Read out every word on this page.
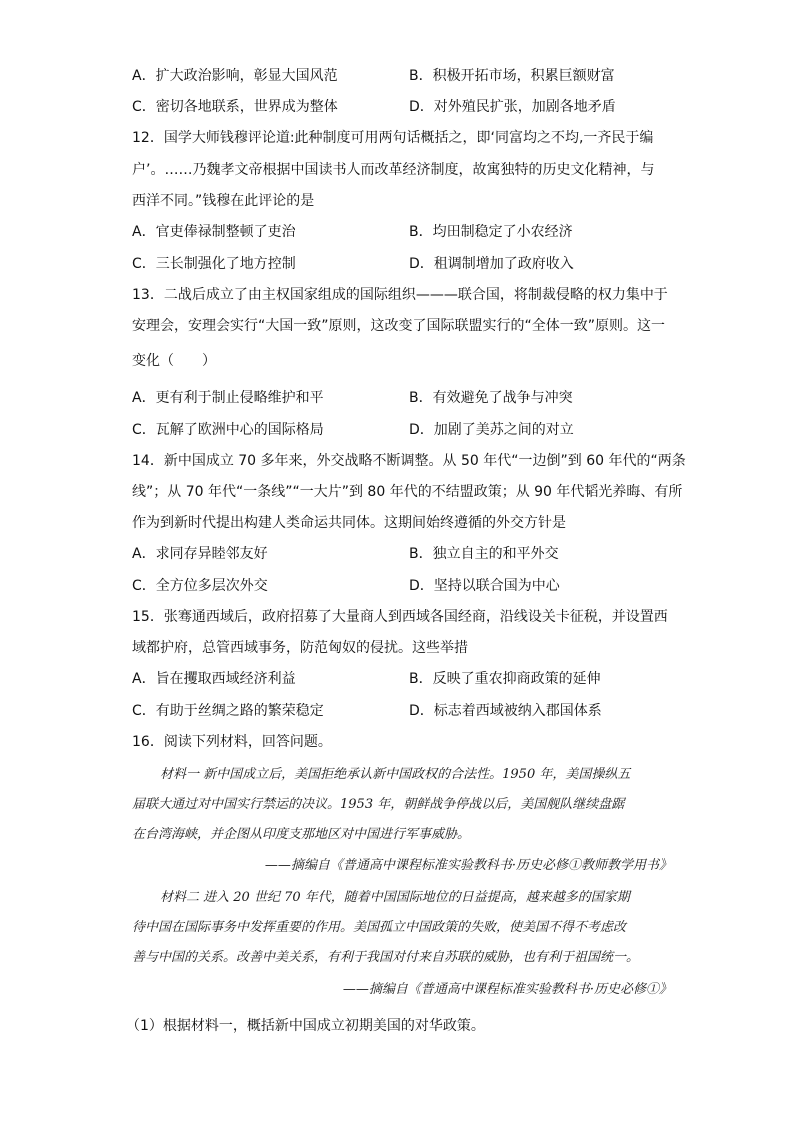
A．扩大政治影响，彰显大国风范	B．积极开拓市场，积累巨额财富
C．密切各地联系，世界成为整体	D．对外殖民扩张，加剧各地矛盾
12．国学大师钱穆评论道:此种制度可用两句话概括之，即‘同富均之不均,一齐民于编
户’。……乃魏孝文帝根据中国读书人而改革经济制度，故寓独特的历史文化精神，与
西洋不同。”钱穆在此评论的是
A．官吏俸禄制整顿了吏治	B．均田制稳定了小农经济
C．三长制强化了地方控制	D．租调制增加了政府收入
13．二战后成立了由主权国家组成的国际组织———联合国，将制裁侵略的权力集中于
安理会，安理会实行“大国一致”原则，这改变了国际联盟实行的“全体一致”原则。这一
变化（　　）
A．更有利于制止侵略维护和平	B．有效避免了战争与冲突
C．瓦解了欧洲中心的国际格局	D．加剧了美苏之间的对立
14．新中国成立 70 多年来，外交战略不断调整。从 50 年代“一边倒”到 60 年代的“两条
线”；从 70 年代“一条线”“一大片”到 80 年代的不结盟政策；从 90 年代韬光养晦、有所
作为到新时代提出构建人类命运共同体。这期间始终遵循的外交方针是
A．求同存异睦邻友好	B．独立自主的和平外交
C．全方位多层次外交	D．坚持以联合国为中心
15．张骞通西域后，政府招募了大量商人到西域各国经商，沿线设关卡征税，并设置西
域都护府，总管西域事务，防范匈奴的侵扰。这些举措
A．旨在攫取西域经济利益	B．反映了重农抑商政策的延伸
C．有助于丝绸之路的繁荣稳定	D．标志着西域被纳入郡国体系
16．阅读下列材料，回答问题。
材料一 新中国成立后，美国拒绝承认新中国政权的合法性。1950 年，美国操纵五
届联大通过对中国实行禁运的决议。1953 年，朝鲜战争停战以后，美国舰队继续盘踞
在台湾海峡，并企图从印度支那地区对中国进行军事威胁。
——摘编自《普通高中课程标准实验教科书·历史必修①教师教学用书》
材料二 进入 20 世纪 70 年代，随着中国国际地位的日益提高，越来越多的国家期
待中国在国际事务中发挥重要的作用。美国孤立中国政策的失败，使美国不得不考虑改
善与中国的关系。改善中美关系，有利于我国对付来自苏联的威胁，也有利于祖国统一。
——摘编自《普通高中课程标准实验教科书·历史必修①》
（1）根据材料一，概括新中国成立初期美国的对华政策。
